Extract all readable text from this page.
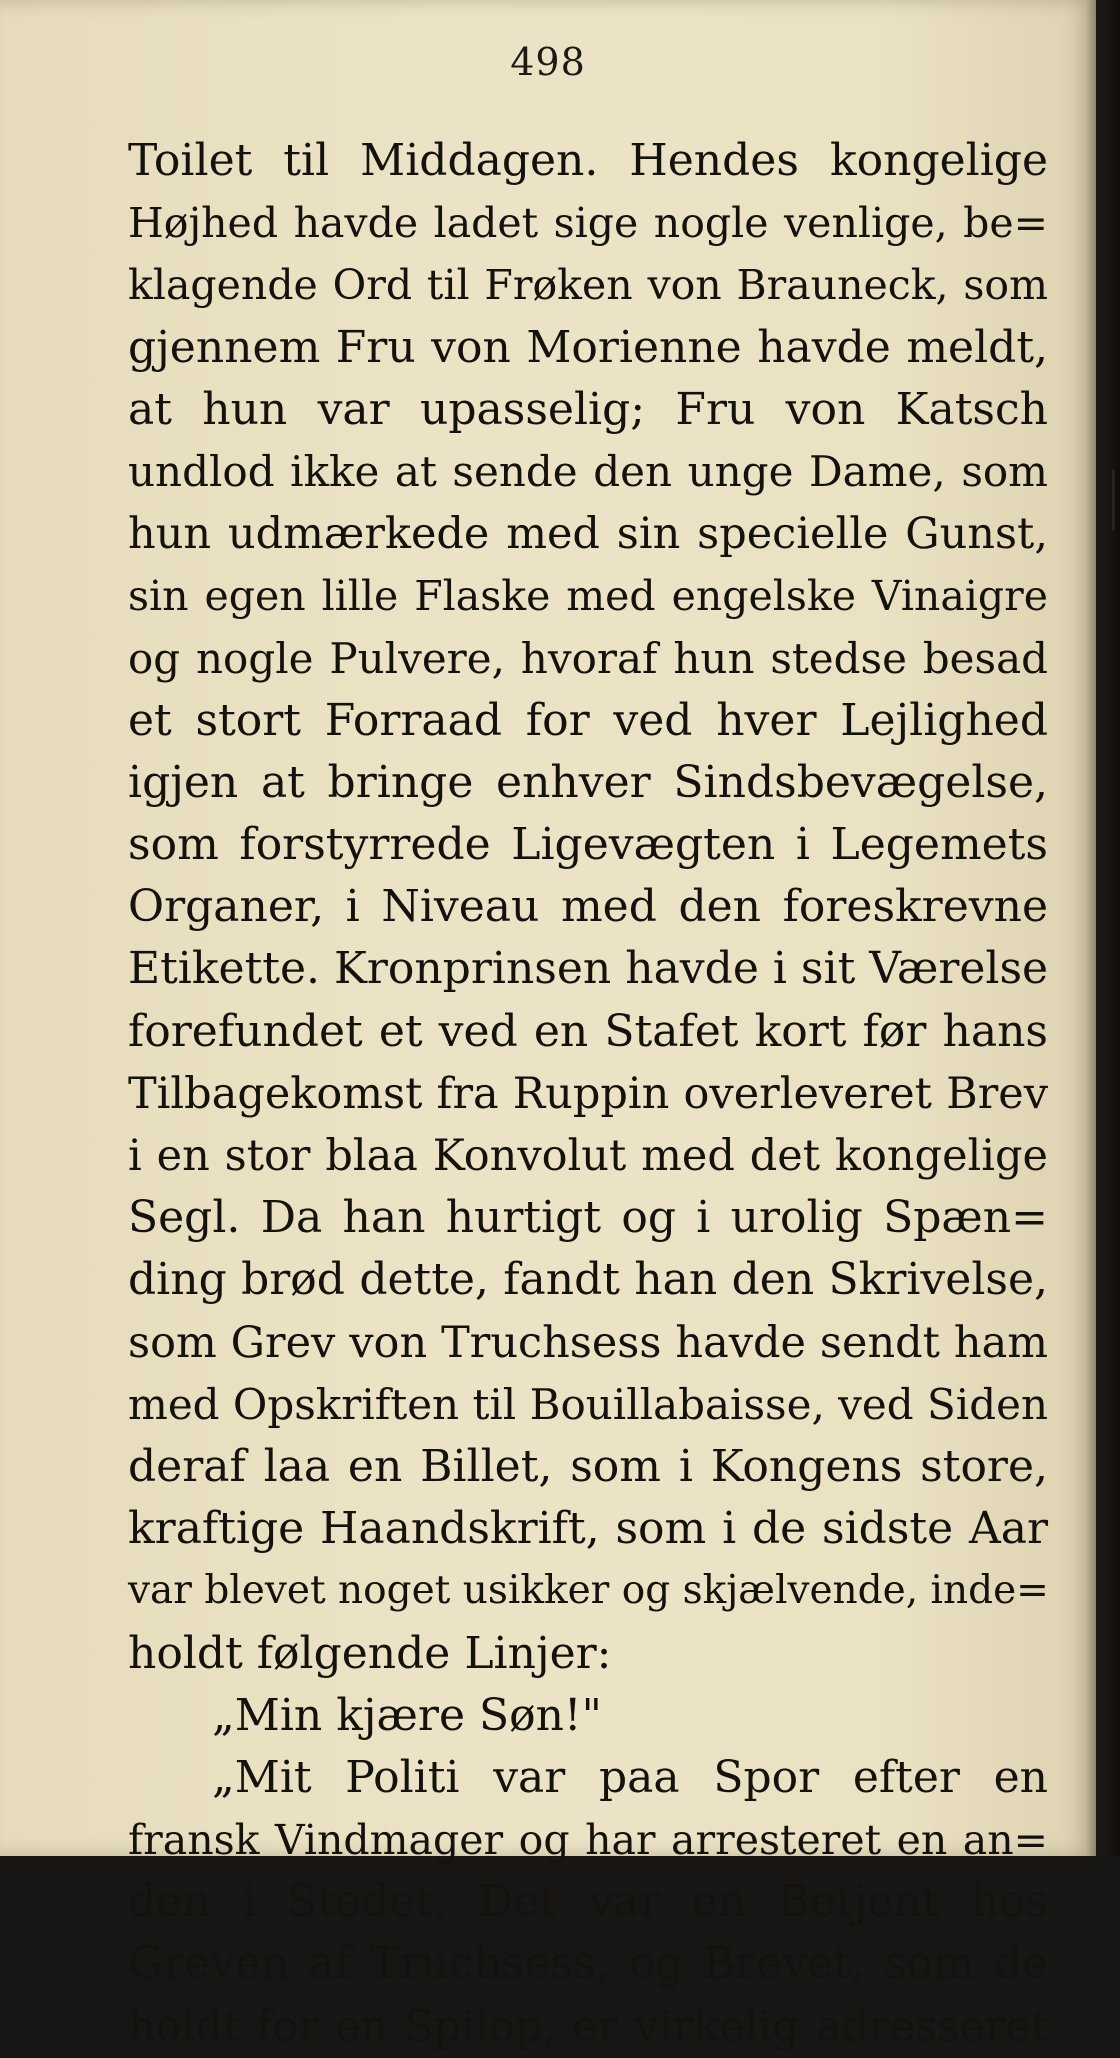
498
Toilet til Middagen. Hendes kongelige
Højhed havde ladet sige nogle venlige, be=
klagende Ord til Frøken von Brauneck, som
gjennem Fru von Morienne havde meldt,
at hun var upasselig; Fru von Katsch
undlod ikke at sende den unge Dame, som
hun udmærkede med sin specielle Gunst,
sin egen lille Flaske med engelske Vinaigre
og nogle Pulvere, hvoraf hun stedse besad
et stort Forraad for ved hver Lejlighed
igjen at bringe enhver Sindsbevægelse,
som forstyrrede Ligevægten i Legemets
Organer, i Niveau med den foreskrevne
Etikette. Kronprinsen havde i sit Værelse
forefundet et ved en Stafet kort før hans
Tilbagekomst fra Ruppin overleveret Brev
i en stor blaa Konvolut med det kongelige
Segl. Da han hurtigt og i urolig Spæn=
ding brød dette, fandt han den Skrivelse,
som Grev von Truchsess havde sendt ham
med Opskriften til Bouillabaisse, ved Siden
deraf laa en Billet, som i Kongens store,
kraftige Haandskrift, som i de sidste Aar
var blevet noget usikker og skjælvende, inde=
holdt følgende Linjer:
„Min kjære Søn!"
„Mit Politi var paa Spor efter en
fransk Vindmager og har arresteret en an=
den i Stedet. Det var en Betjent hos
Greven af Truchsess, og Brevet, som de
holdt for en Spilop, er virkelig adresseret
